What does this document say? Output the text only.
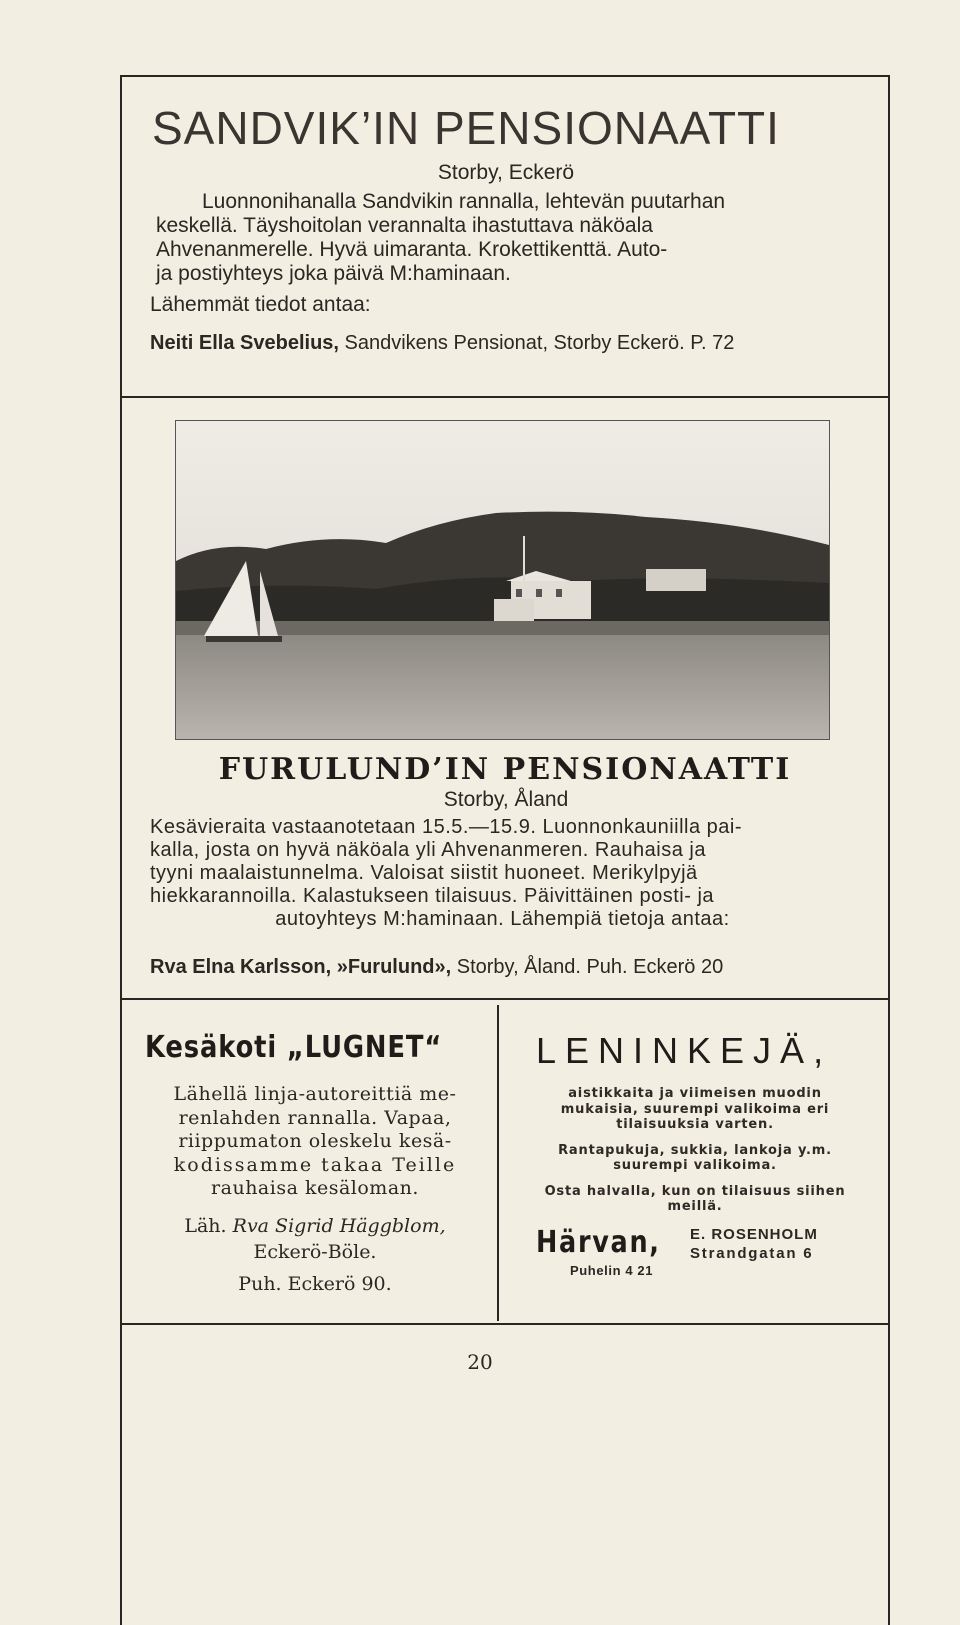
SANDVIK’IN PENSIONAATTI
Storby, Eckerö

Luonnonihanalla Sandvikin rannalla, lehtevän puutarhan

keskellä. Täyshoitolan verannalta ihastuttava näköala

Ahvenanmerelle. Hyvä uimaranta. Krokettikenttä. Auto-

ja postiyhteys joka päivä M:haminaan.

Lähemmät tiedot antaa:
Neiti Ella Svebelius, Sandvikens Pensionat, Storby Eckerö. P. 72
FURULUND’IN PENSIONAATTI
Storby, Åland

Kesävieraita vastaanotetaan 15.5.—15.9. Luonnonkauniilla pai-

kalla, josta on hyvä näköala yli Ahvenanmeren. Rauhaisa ja

tyyni maalaistunnelma. Valoisat siistit huoneet. Merikylpyjä

hiekkarannoilla. Kalastukseen tilaisuus. Päivittäinen posti- ja

autoyhteys M:haminaan. Lähempiä tietoja antaa:

Rva Elna Karlsson, »Furulund», Storby, Åland. Puh. Eckerö 20
Kesäkoti „LUGNET“

Lähellä linja-autoreittiä me-

renlahden rannalla. Vapaa,

riippumaton oleskelu kesä-

kodissamme takaa Teille

rauhaisa kesäloman.

Läh. Rva Sigrid Häggblom,
Eckerö-Böle.
Puh. Eckerö 90.
LENINKEJÄ,

aistikkaita ja viimeisen muodin mukaisia, suurempi valikoima eri tilaisuuksia varten.

Rantapukuja, sukkia, lankoja y.m. suurempi valikoima.

Osta halvalla, kun on tilaisuus siihen meillä.

Härvan, E. ROSENHOLM
Strandgatan 6
Puhelin 4 21
20
